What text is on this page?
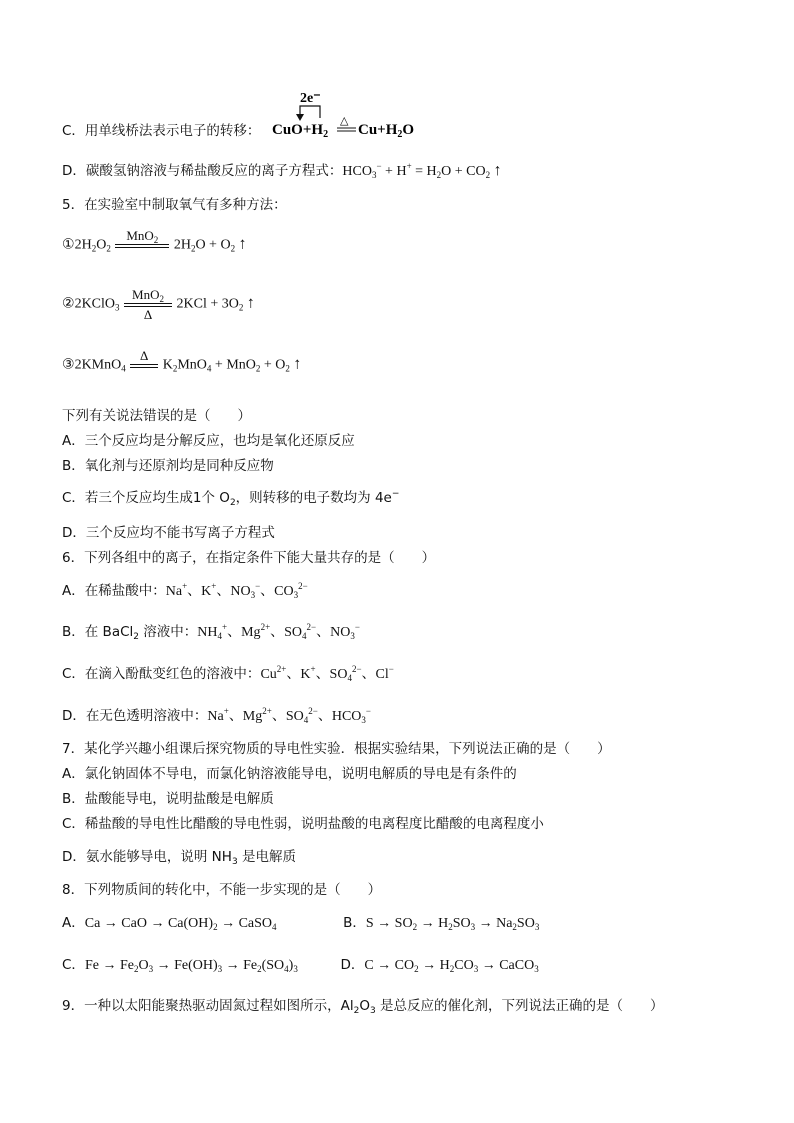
C．用单线桥法表示电子的转移：
2e⁻
$CuO+H_2$
△
$Cu+H_2O$
D．碳酸氢钠溶液与稀盐酸反应的离子方程式：$HCO_3^- + H^+ = H_2O + CO_2$ ↑
5．在实验室中制取氧气有多种方法：
$①2H_2O_2$
MnO$_2$
	$2H_2O + O_2$ ↑
②2KClO$_3$
MnO$_2$
Δ
$2KCl + 3O_2$ ↑
③2KMnO$_4$
Δ

$K_2MnO_4 + MnO_2 + O_2$ ↑
下列有关说法错误的是（　　）
A．三个反应均是分解反应，也均是氧化还原反应
B．氧化剂与还原剂均是同种反应物
C．若三个反应均生成1个 $O_2$，则转移的电子数均为 4e−
D．三个反应均不能书写离子方程式
6．下列各组中的离子，在指定条件下能大量共存的是（　　）
A．在稀盐酸中：Na+、K+、$NO_3^-$、$CO_3^{2-}$
B．在 BaCl$_2$ 溶液中：$NH_4^+$、$Mg^{2+}$、$SO_4^{2-}$、$NO_3^-$
C．在滴入酚酞变红色的溶液中：$Cu^{2+}$、K+、$SO_4^{2-}$、Cl−
D．在无色透明溶液中：Na+、$Mg^{2+}$、$SO_4^{2-}$、$HCO_3^-$
7．某化学兴趣小组课后探究物质的导电性实验．根据实验结果，下列说法正确的是（　　）
A．氯化钠固体不导电，而氯化钠溶液能导电，说明电解质的导电是有条件的
B．盐酸能导电，说明盐酸是电解质
C．稀盐酸的导电性比醋酸的导电性弱，说明盐酸的电离程度比醋酸的电离程度小
D．氨水能够导电，说明 $NH_3$ 是电解质
8．下列物质间的转化中，不能一步实现的是（　　）
A．Ca → CaO → $Ca(OH)_2$ → CaSO$_4$	B．$S \to SO_2 \to H_2SO_3 \to Na_2SO_3$
C．$Fe \to Fe_2O_3 \to Fe(OH)_3 \to Fe_2(SO_4)_3$	D．$C \to CO_2 \to H_2CO_3$ → CaCO$_3$
9．一种以太阳能聚热驱动固氮过程如图所示，$Al_2O_3$ 是总反应的催化剂，下列说法正确的是（　　）
